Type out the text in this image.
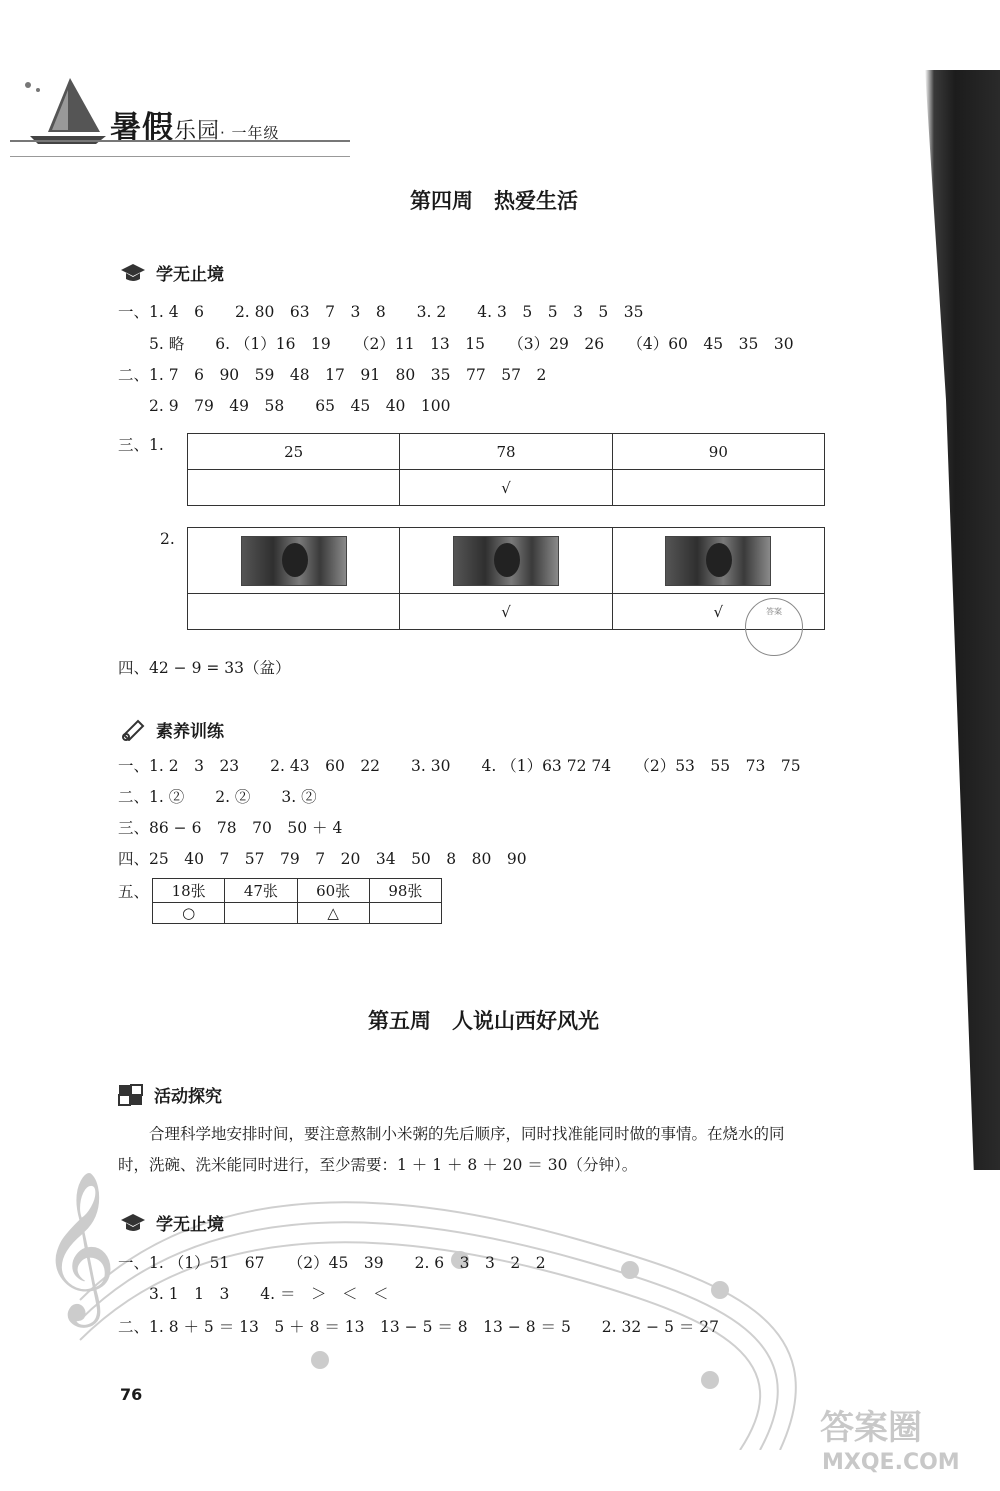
暑假乐园· 一年级
第四周　热爱生活
学无止境
一、1. 4　6　　2. 80　63　7　3　8　　3. 2　　4. 3　5　5　3　5　35
　　5. 略　　6. （1）16　19　　（2）11　13　15　　（3）29　26　　（4）60　45　35　30
二、1. 7　6　90　59　48　17　91　80　35　77　57　2
　　2. 9　79　49　58　　65　45　40　100
三、1.	25	78	90
	√	
2.

	√	√	答案
四、42 − 9 = 33（盆）
素养训练
一、1. 2　3　23　　2. 43　60　22　　3. 30　　4. （1）63 72 74　　（2）53　55　73　75
二、1. ②　　2. ②　　3. ②
三、86 − 6　78　70　50 ＋ 4
四、25　40　7　57　79　7　20　34　50　8　80　90
五、 18张	47张	60张	98张
○		△	
第五周　人说山西好风光
活动探究
　　合理科学地安排时间，要注意熬制小米粥的先后顺序，同时找准能同时做的事情。在烧水的同
时，洗碗、洗米能同时进行，至少需要：1 ＋ 1 ＋ 8 ＋ 20 ＝ 30（分钟）。
𝄞 学无止境
一、1. （1）51　67　　（2）45　39　　2. 6　3　3　2　2
　　3. 1　1　3　　4. ＝　＞　＜　＜
二、1. 8 ＋ 5 ＝ 13　5 ＋ 8 ＝ 13　13 − 5 ＝ 8　13 − 8 ＝ 5　　2. 32 − 5 ＝ 27
76
答案圈
MXQE.COM
